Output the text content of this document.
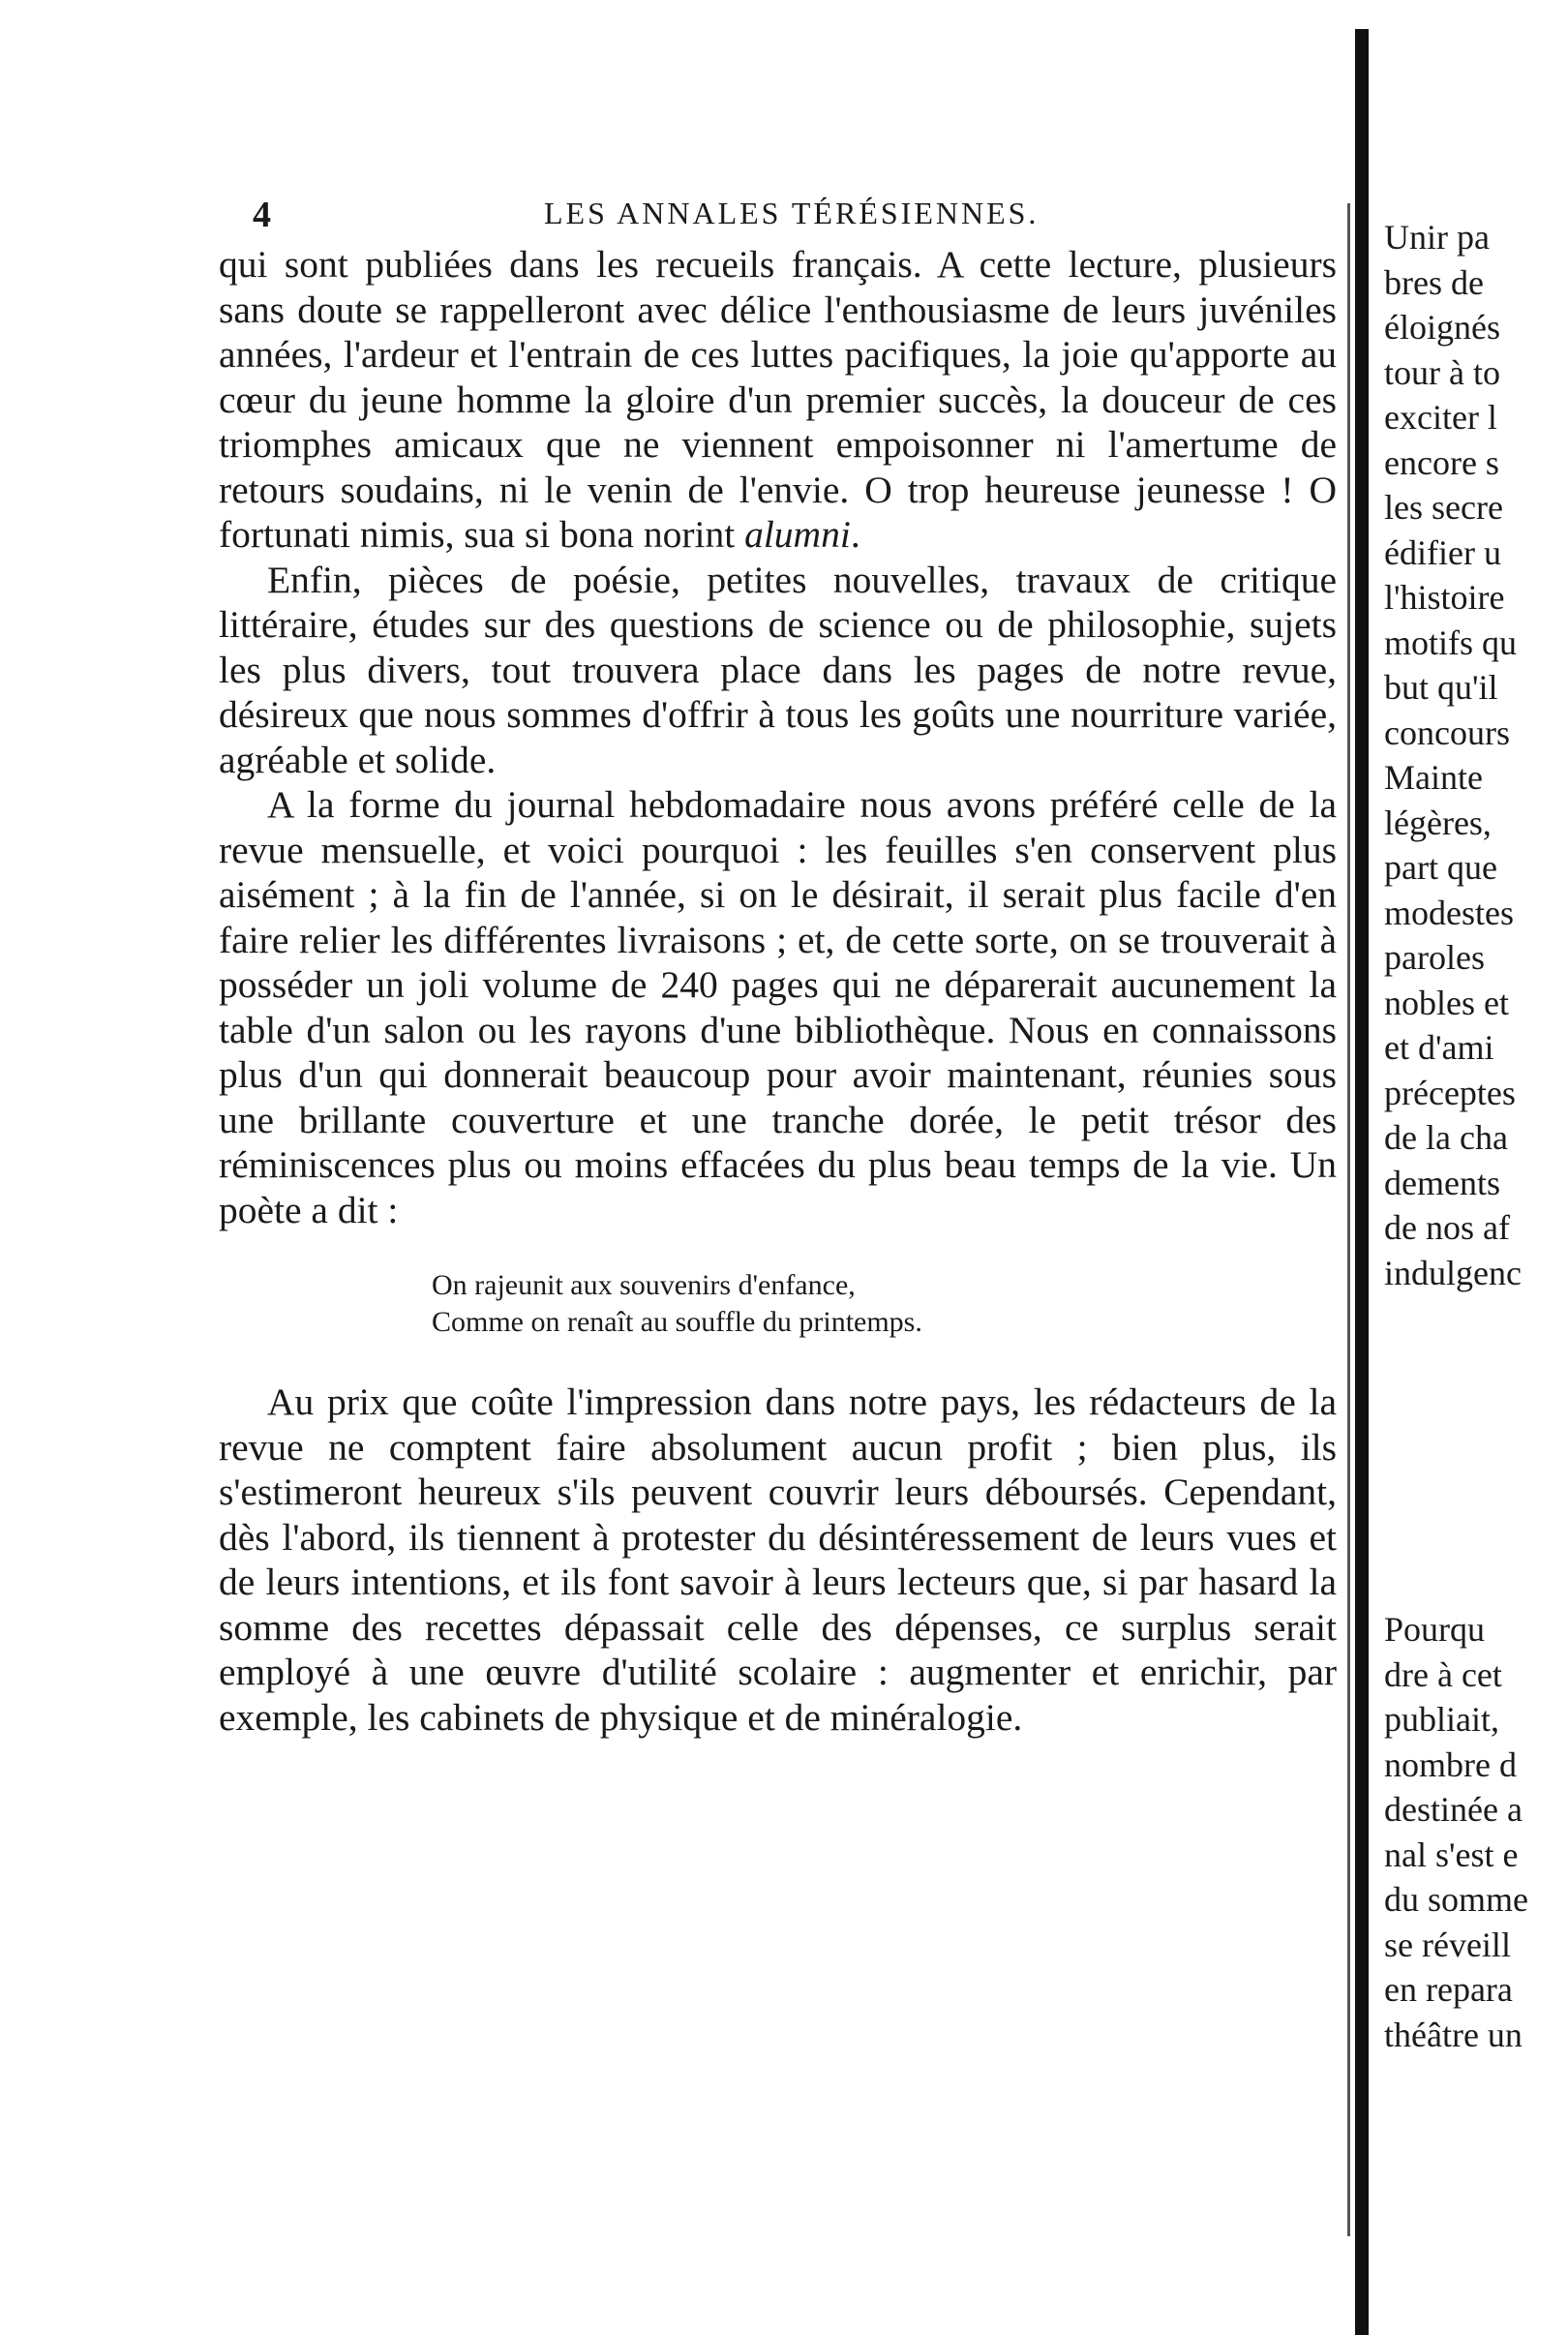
4	LES ANNALES TÉRÉSIENNES.

qui sont publiées dans les recueils français. A cette lecture, plusieurs sans doute se rappelleront avec délice l'enthousiasme de leurs juvéniles années, l'ardeur et l'entrain de ces luttes pacifiques, la joie qu'apporte au cœur du jeune homme la gloire d'un premier succès, la douceur de ces triomphes amicaux que ne viennent empoisonner ni l'amertume de retours soudains, ni le venin de l'envie. O trop heureuse jeunesse ! O fortunati nimis, sua si bona norint alumni.

Enfin, pièces de poésie, petites nouvelles, travaux de critique littéraire, études sur des questions de science ou de philosophie, sujets les plus divers, tout trouvera place dans les pages de notre revue, désireux que nous sommes d'offrir à tous les goûts une nourriture variée, agréable et solide.

A la forme du journal hebdomadaire nous avons préféré celle de la revue mensuelle, et voici pourquoi : les feuilles s'en conservent plus aisément ; à la fin de l'année, si on le désirait, il serait plus facile d'en faire relier les différentes livraisons ; et, de cette sorte, on se trouverait à posséder un joli volume de 240 pages qui ne déparerait aucunement la table d'un salon ou les rayons d'une bibliothèque. Nous en connaissons plus d'un qui donnerait beaucoup pour avoir maintenant, réunies sous une brillante couverture et une tranche dorée, le petit trésor des réminiscences plus ou moins effacées du plus beau temps de la vie. Un poète a dit :

On rajeunit aux souvenirs d'enfance,
Comme on renaît au souffle du printemps.

Au prix que coûte l'impression dans notre pays, les rédacteurs de la revue ne comptent faire absolument aucun profit ; bien plus, ils s'estimeront heureux s'ils peuvent couvrir leurs déboursés. Cependant, dès l'abord, ils tiennent à protester du désintéressement de leurs vues et de leurs intentions, et ils font savoir à leurs lecteurs que, si par hasard la somme des recettes dépassait celle des dépenses, ce surplus serait employé à une œuvre d'utilité scolaire : augmenter et enrichir, par exemple, les cabinets de physique et de minéralogie.

Unir pa
bres de
éloignés
tour à to
exciter l
encore s
les secre
édifier u
l'histoire
motifs qu
but qu'il
concours
Mainte
légères,
part que
modestes
paroles
nobles et
et d'ami
préceptes
de la cha
dements
de nos af
indulgenc
Pourqu
dre à cet
publiait,
nombre d
destinée a
nal s'est e
du somme
se réveill
en repara
théâtre un
